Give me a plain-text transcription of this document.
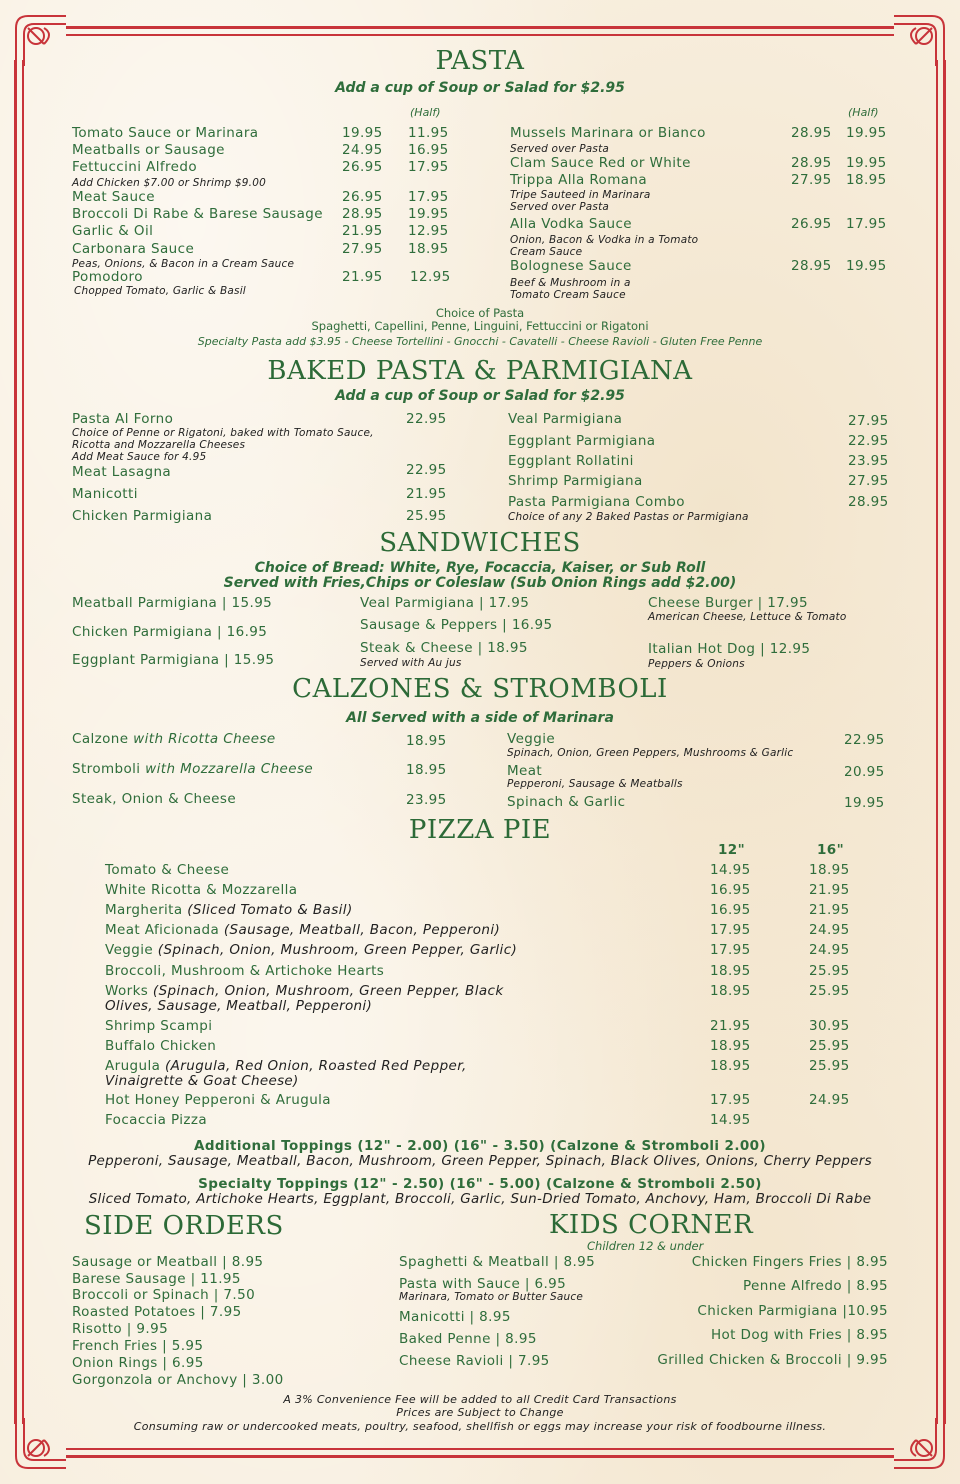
PASTA
Add a cup of Soup or Salad for $2.95
(Half)	(Half)
Tomato Sauce or Marinara	19.95 11.95
Meatballs or Sausage	24.95 16.95
Fettuccini Alfredo	26.95 17.95
Add Chicken $7.00 or Shrimp $9.00
Meat Sauce	26.95 17.95
Broccoli Di Rabe & Barese Sausage 28.95 19.95
Garlic & Oil	21.95 12.95
Carbonara Sauce	27.95 18.95
Peas, Onions, & Bacon in a Cream Sauce
Pomodoro	21.95 12.95
Chopped Tomato, Garlic & Basil
Mussels Marinara or Bianco	28.95 19.95
Served over Pasta
Clam Sauce Red or White	28.95 19.95
Trippa Alla Romana	27.95 18.95
Tripe Sauteed in Marinara
Served over Pasta
Alla Vodka Sauce	26.95 17.95
Onion, Bacon & Vodka in a Tomato
Cream Sauce
Bolognese Sauce	28.95 19.95
Beef & Mushroom in a
Tomato Cream Sauce
Choice of Pasta
Spaghetti, Capellini, Penne, Linguini, Fettuccini or Rigatoni
Specialty Pasta add $3.95 - Cheese Tortellini - Gnocchi - Cavatelli - Cheese Ravioli - Gluten Free Penne
BAKED PASTA & PARMIGIANA
Add a cup of Soup or Salad for $2.95
Pasta Al Forno	22.95
Choice of Penne or Rigatoni, baked with Tomato Sauce,
Ricotta and Mozzarella Cheeses
Add Meat Sauce for 4.95
Meat Lasagna	22.95
Manicotti	21.95
Chicken Parmigiana	25.95
Veal Parmigiana	27.95
Eggplant Parmigiana	22.95
Eggplant Rollatini	23.95
Shrimp Parmigiana	27.95
Pasta Parmigiana Combo	28.95
Choice of any 2 Baked Pastas or Parmigiana
SANDWICHES
Choice of Bread: White, Rye, Focaccia, Kaiser, or Sub Roll
Served with Fries,Chips or Coleslaw (Sub Onion Rings add $2.00)
Meatball Parmigiana | 15.95
Chicken Parmigiana | 16.95
Eggplant Parmigiana | 15.95
Veal Parmigiana | 17.95
Sausage & Peppers | 16.95
Steak & Cheese | 18.95
Served with Au jus
Cheese Burger | 17.95
American Cheese, Lettuce & Tomato
Italian Hot Dog | 12.95
Peppers & Onions
CALZONES & STROMBOLI
All Served with a side of Marinara
Calzone with Ricotta Cheese	18.95
Stromboli with Mozzarella Cheese	18.95
Steak, Onion & Cheese	23.95
Veggie	22.95
Spinach, Onion, Green Peppers, Mushrooms & Garlic
Meat	20.95
Pepperoni, Sausage & Meatballs
Spinach & Garlic	19.95
PIZZA PIE
12"	16"
Tomato & Cheese	14.95	18.95
White Ricotta & Mozzarella	16.95	21.95
Margherita (Sliced Tomato & Basil)	16.95	21.95
Meat Aficionada (Sausage, Meatball, Bacon, Pepperoni)	17.95	24.95
Veggie (Spinach, Onion, Mushroom, Green Pepper, Garlic)	17.95	24.95
Broccoli, Mushroom & Artichoke Hearts	18.95	25.95
Works (Spinach, Onion, Mushroom, Green Pepper, Black
Olives, Sausage, Meatball, Pepperoni)
18.95	25.95
Shrimp Scampi	21.95	30.95
Buffalo Chicken	18.95	25.95
Arugula (Arugula, Red Onion, Roasted Red Pepper,
Vinaigrette & Goat Cheese)
18.95	25.95
Hot Honey Pepperoni & Arugula	17.95	24.95
Focaccia Pizza	14.95
Additional Toppings (12" - 2.00) (16" - 3.50) (Calzone & Stromboli 2.00)
Pepperoni, Sausage, Meatball, Bacon, Mushroom, Green Pepper, Spinach, Black Olives, Onions, Cherry Peppers
Specialty Toppings (12" - 2.50) (16" - 5.00) (Calzone & Stromboli 2.50)
Sliced Tomato, Artichoke Hearts, Eggplant, Broccoli, Garlic, Sun-Dried Tomato, Anchovy, Ham, Broccoli Di Rabe
SIDE ORDERS
Sausage or Meatball | 8.95
Barese Sausage | 11.95
Broccoli or Spinach | 7.50
Roasted Potatoes | 7.95
Risotto | 9.95
French Fries | 5.95
Onion Rings | 6.95
Gorgonzola or Anchovy | 3.00
KIDS CORNER
Children 12 & under
Spaghetti & Meatball | 8.95
Pasta with Sauce | 6.95
Marinara, Tomato or Butter Sauce
Manicotti | 8.95
Baked Penne | 8.95
Cheese Ravioli | 7.95
Chicken Fingers Fries | 8.95
Penne Alfredo | 8.95
Chicken Parmigiana |10.95
Hot Dog with Fries | 8.95
Grilled Chicken & Broccoli | 9.95
A 3% Convenience Fee will be added to all Credit Card Transactions
Prices are Subject to Change
Consuming raw or undercooked meats, poultry, seafood, shellfish or eggs may increase your risk of foodbourne illness.
